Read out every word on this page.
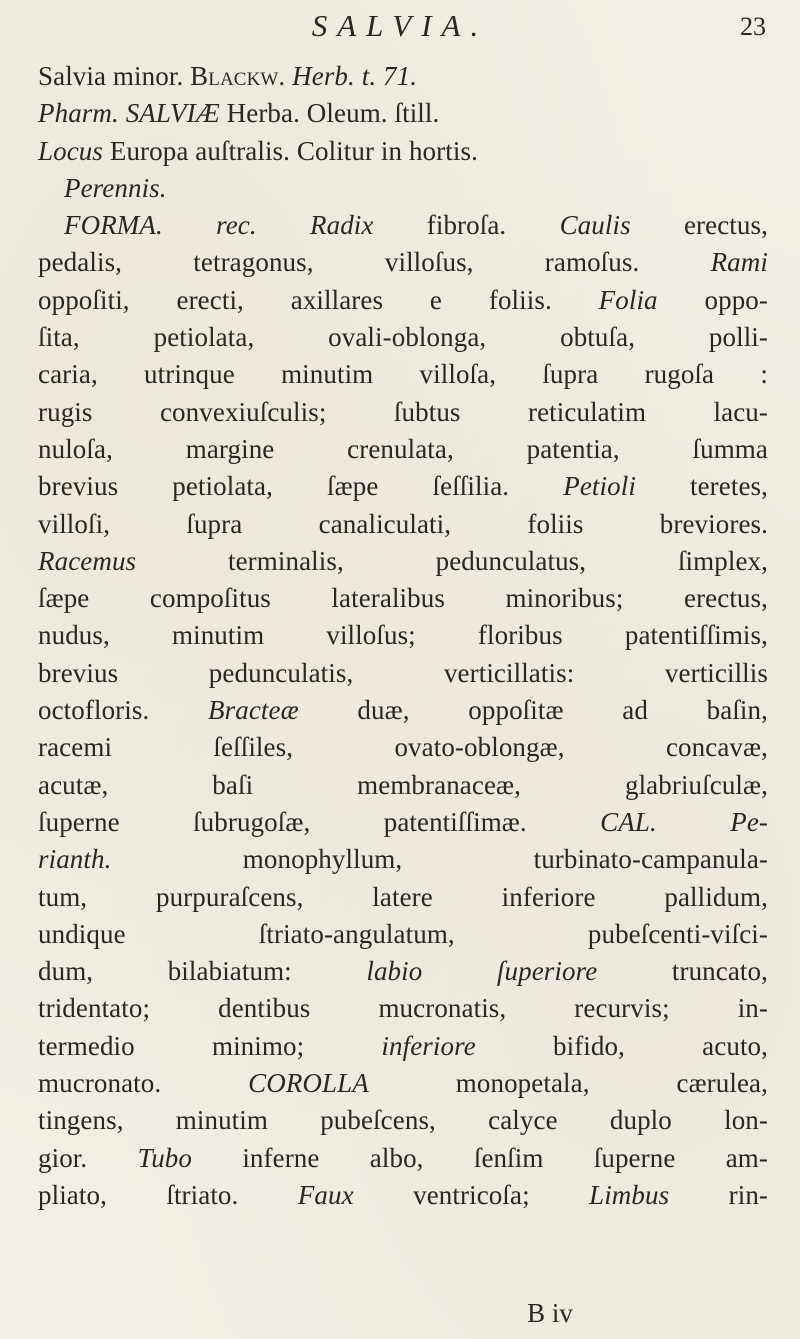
SALVIA.	23
Salvia minor. Blackw. Herb. t. 71.
Pharm. SALVIÆ Herba. Oleum. ſtill.
Locus Europa auſtralis. Colitur in hortis.
Perennis.
FORMA. rec. Radix fibroſa. Caulis erectus,
pedalis, tetragonus, villoſus, ramoſus. Rami
oppoſiti, erecti, axillares e foliis. Folia oppo-
ſita, petiolata, ovali-oblonga, obtuſa, polli-
caria, utrinque minutim villoſa, ſupra rugoſa :
rugis convexiuſculis; ſubtus reticulatim lacu-
nuloſa, margine crenulata, patentia, ſumma
brevius petiolata, ſæpe ſeſſilia. Petioli teretes,
villoſi, ſupra canaliculati, foliis breviores.
Racemus terminalis, pedunculatus, ſimplex,
ſæpe compoſitus lateralibus minoribus; erectus,
nudus, minutim villoſus; floribus patentiſſimis,
brevius pedunculatis, verticillatis: verticillis
octofloris. Bracteæ duæ, oppoſitæ ad baſin,
racemi ſeſſiles, ovato-oblongæ, concavæ,
acutæ, baſi membranaceæ, glabriuſculæ,
ſuperne ſubrugoſæ, patentiſſimæ. CAL. Pe-
rianth. monophyllum, turbinato-campanula-
tum, purpuraſcens, latere inferiore pallidum,
undique ſtriato-angulatum, pubeſcenti-viſci-
dum, bilabiatum: labio ſuperiore truncato,
tridentato; dentibus mucronatis, recurvis; in-
termedio minimo; inferiore bifido, acuto,
mucronato. COROLLA monopetala, cærulea,
tingens, minutim pubeſcens, calyce duplo lon-
gior. Tubo inferne albo, ſenſim ſuperne am-
pliato, ſtriato. Faux ventricoſa; Limbus rin-
B iv
